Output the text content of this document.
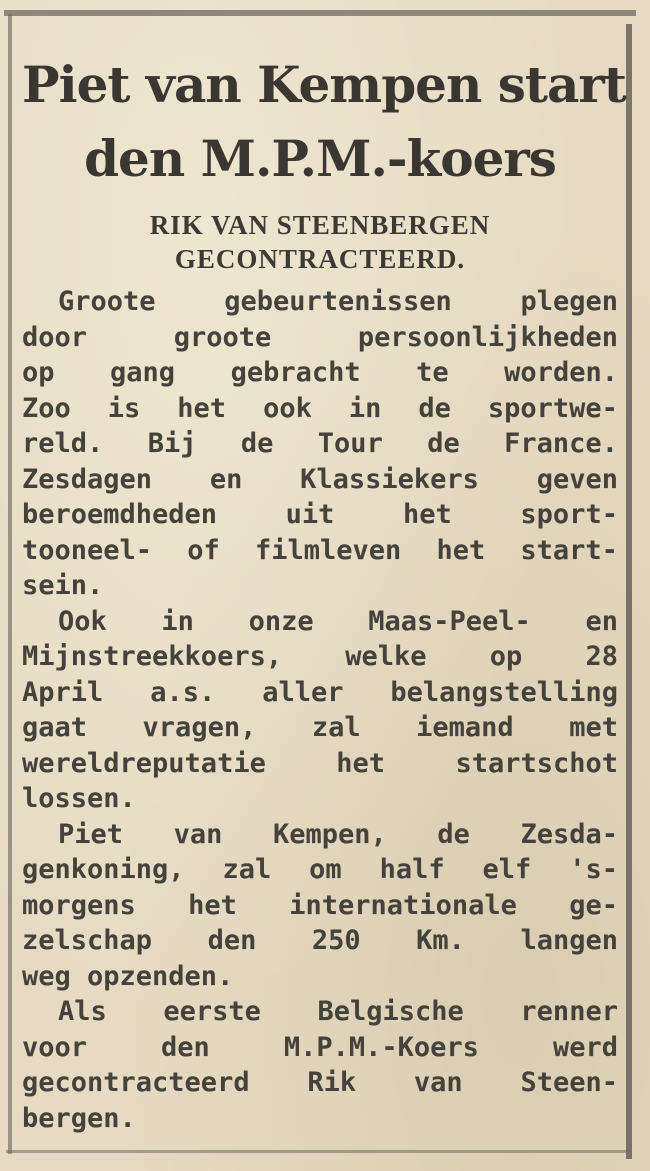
Piet van Kempen start
den M.P.M.-koers
RIK VAN STEENBERGEN
GECONTRACTEERD.
Groote	gebeurtenissen	plegen
door	groote	persoonlijkheden
op gang gebracht te worden.
Zoo is het ook in de sportwe-
reld. Bij de Tour de France.
Zesdagen en Klassiekers geven
beroemdheden	uit	het	sport-
tooneel- of filmleven het start-
sein.
Ook in onze Maas-Peel- en
Mijnstreekkoers, welke op 28
April a.s. aller belangstelling
gaat vragen, zal iemand met
wereldreputatie	het	startschot
lossen.
Piet van Kempen, de Zesda-
genkoning, zal om half elf 's-
morgens het internationale ge-
zelschap den 250 Km. langen
weg opzenden.
Als eerste Belgische renner
voor	den	M.P.M.-Koers	werd
gecontracteerd Rik van Steen-
bergen.
